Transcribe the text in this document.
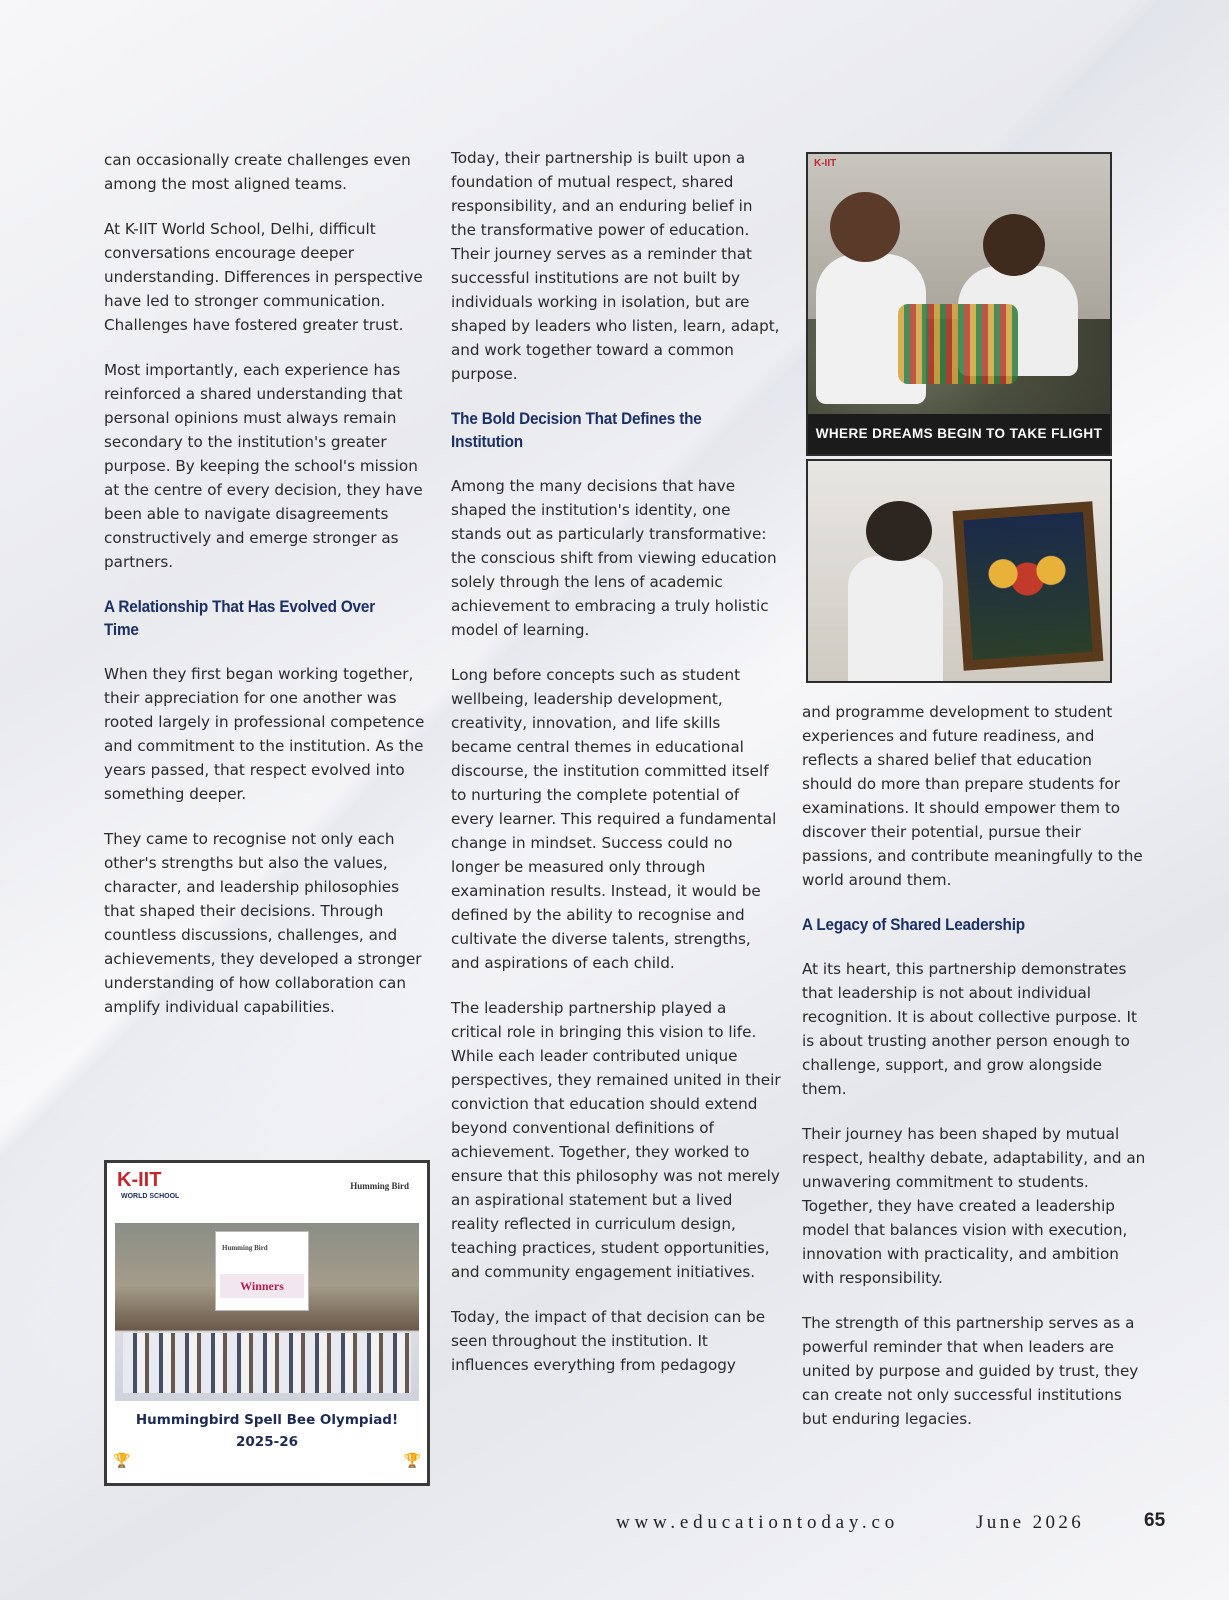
can occasionally create challenges even among the most aligned teams.

At K-IIT World School, Delhi, difficult conversations encourage deeper understanding. Differences in perspective have led to stronger communication. Challenges have fostered greater trust.

Most importantly, each experience has reinforced a shared understanding that personal opinions must always remain secondary to the institution's greater purpose. By keeping the school's mission at the centre of every decision, they have been able to navigate disagreements constructively and emerge stronger as partners.

A Relationship That Has Evolved Over Time

When they first began working together, their appreciation for one another was rooted largely in professional competence and commitment to the institution. As the years passed, that respect evolved into something deeper.

They came to recognise not only each other's strengths but also the values, character, and leadership philosophies that shaped their decisions. Through countless discussions, challenges, and achievements, they developed a stronger understanding of how collaboration can amplify individual capabilities.

Today, their partnership is built upon a foundation of mutual respect, shared responsibility, and an enduring belief in the transformative power of education. Their journey serves as a reminder that successful institutions are not built by individuals working in isolation, but are shaped by leaders who listen, learn, adapt, and work together toward a common purpose.

The Bold Decision That Defines the Institution

Among the many decisions that have shaped the institution's identity, one stands out as particularly transformative: the conscious shift from viewing education solely through the lens of academic achievement to embracing a truly holistic model of learning.

Long before concepts such as student wellbeing, leadership development, creativity, innovation, and life skills became central themes in educational discourse, the institution committed itself to nurturing the complete potential of every learner. This required a fundamental change in mindset. Success could no longer be measured only through examination results. Instead, it would be defined by the ability to recognise and cultivate the diverse talents, strengths, and aspirations of each child.

The leadership partnership played a critical role in bringing this vision to life. While each leader contributed unique perspectives, they remained united in their conviction that education should extend beyond conventional definitions of achievement. Together, they worked to ensure that this philosophy was not merely an aspirational statement but a lived reality reflected in curriculum design, teaching practices, student opportunities, and community engagement initiatives.

Today, the impact of that decision can be seen throughout the institution. It influences everything from pedagogy

and programme development to student experiences and future readiness, and reflects a shared belief that education should do more than prepare students for examinations. It should empower them to discover their potential, pursue their passions, and contribute meaningfully to the world around them.

A Legacy of Shared Leadership

At its heart, this partnership demonstrates that leadership is not about individual recognition. It is about collective purpose. It is about trusting another person enough to challenge, support, and grow alongside them.

Their journey has been shaped by mutual respect, healthy debate, adaptability, and an unwavering commitment to students. Together, they have created a leadership model that balances vision with execution, innovation with practicality, and ambition with responsibility.

The strength of this partnership serves as a powerful reminder that when leaders are united by purpose and guided by trust, they can create not only successful institutions but enduring legacies.

K-IIT
WHERE DREAMS BEGIN TO TAKE FLIGHT
K-IIT
WORLD SCHOOL
Humming Bird
Humming Bird
Winners
Hummingbird Spell Bee Olympiad!
2025-26
🏆	🏆
www.educationtoday.co	June 2026	65
